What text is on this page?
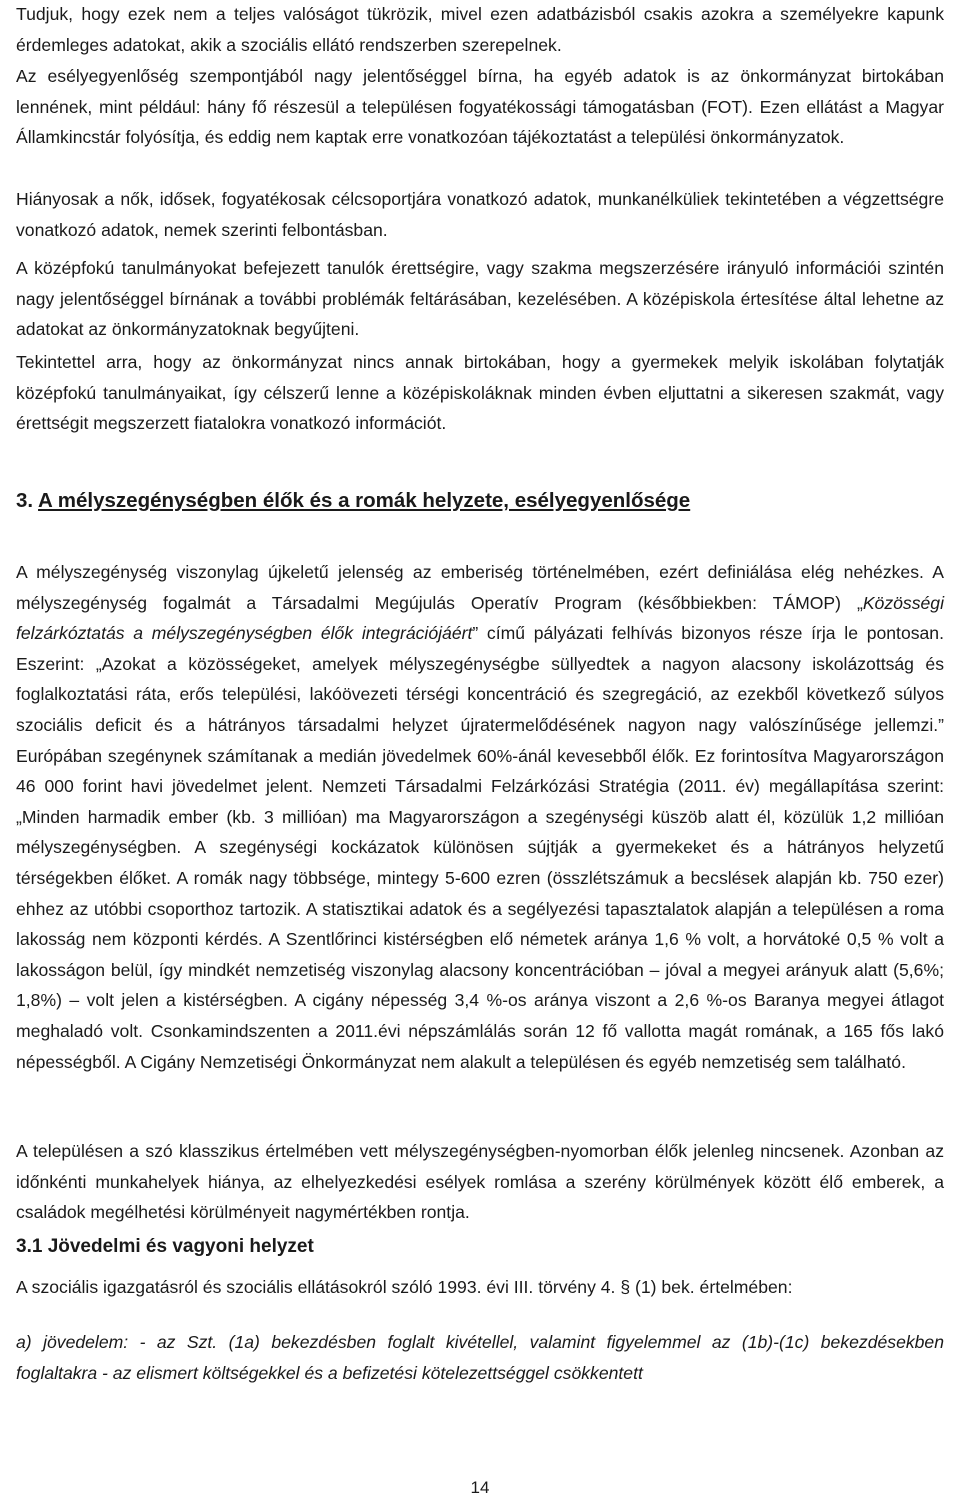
Tudjuk, hogy ezek nem a teljes valóságot tükrözik, mivel ezen adatbázisból csakis azokra a személyekre kapunk érdemleges adatokat, akik a szociális ellátó rendszerben szerepelnek.

Az esélyegyenlőség szempontjából nagy jelentőséggel bírna, ha egyéb adatok is az önkormányzat birtokában lennének, mint például: hány fő részesül a településen fogyatékossági támogatásban (FOT). Ezen ellátást a Magyar Államkincstár folyósítja, és eddig nem kaptak erre vonatkozóan tájékoztatást a települési önkormányzatok.

Hiányosak a nők, idősek, fogyatékosak célcsoportjára vonatkozó adatok, munkanélküliek tekintetében a végzettségre vonatkozó adatok, nemek szerinti felbontásban.

A középfokú tanulmányokat befejezett tanulók érettségire, vagy szakma megszerzésére irányuló információi szintén nagy jelentőséggel bírnának a további problémák feltárásában, kezelésében. A középiskola értesítése által lehetne az adatokat az önkormányzatoknak begyűjteni.

Tekintettel arra, hogy az önkormányzat nincs annak birtokában, hogy a gyermekek melyik iskolában folytatják középfokú tanulmányaikat, így célszerű lenne a középiskoláknak minden évben eljuttatni a sikeresen szakmát, vagy érettségit megszerzett fiatalokra vonatkozó információt.

3. A mélyszegénységben élők és a romák helyzete, esélyegyenlősége

A mélyszegénység viszonylag újkeletű jelenség az emberiség történelmében, ezért definiálása elég nehézkes. A mélyszegénység fogalmát a Társadalmi Megújulás Operatív Program (későbbiekben: TÁMOP) „Közösségi felzárkóztatás a mélyszegénységben élők integrációjáért” című pályázati felhívás bizonyos része írja le pontosan. Eszerint: „Azokat a közösségeket, amelyek mélyszegénységbe süllyedtek a nagyon alacsony iskolázottság és foglalkoztatási ráta, erős települési, lakóövezeti térségi koncentráció és szegregáció, az ezekből következő súlyos szociális deficit és a hátrányos társadalmi helyzet újratermelődésének nagyon nagy valószínűsége jellemzi.” Európában szegénynek számítanak a medián jövedelmek 60%-ánál kevesebből élők. Ez forintosítva Magyarországon 46 000 forint havi jövedelmet jelent. Nemzeti Társadalmi Felzárkózási Stratégia (2011. év) megállapítása szerint:„Minden harmadik ember (kb. 3 millióan) ma Magyarországon a szegénységi küszöb alatt él, közülük 1,2 millióan mélyszegénységben. A szegénységi kockázatok különösen sújtják a gyermekeket és a hátrányos helyzetű térségekben élőket. A romák nagy többsége, mintegy 5-600 ezren (összlétszámuk a becslések alapján kb. 750 ezer) ehhez az utóbbi csoporthoz tartozik. A statisztikai adatok és a segélyezési tapasztalatok alapján a településen a roma lakosság nem központi kérdés. A Szentlőrinci kistérségben elő németek aránya 1,6 % volt, a horvátoké 0,5 % volt a lakosságon belül, így mindkét nemzetiség viszonylag alacsony koncentrációban – jóval a megyei arányuk alatt (5,6%; 1,8%) – volt jelen a kistérségben. A cigány népesség 3,4 %-os aránya viszont a 2,6 %-os Baranya megyei átlagot meghaladó volt. Csonkamindszenten a 2011.évi népszámlálás során 12 fő vallotta magát romának, a 165 fős lakó népességből. A Cigány Nemzetiségi Önkormányzat nem alakult a településen és egyéb nemzetiség sem található.

A településen a szó klasszikus értelmében vett mélyszegénységben-nyomorban élők jelenleg nincsenek. Azonban az időnkénti munkahelyek hiánya, az elhelyezkedési esélyek romlása a szerény körülmények között élő emberek, a családok megélhetési körülményeit nagymértékben rontja.

3.1 Jövedelmi és vagyoni helyzet

A szociális igazgatásról és szociális ellátásokról szóló 1993. évi III. törvény 4. § (1) bek. értelmében:

a) jövedelem: - az Szt. (1a) bekezdésben foglalt kivétellel, valamint figyelemmel az (1b)-(1c) bekezdésekben foglaltakra - az elismert költségekkel és a befizetési kötelezettséggel csökkentett

14
